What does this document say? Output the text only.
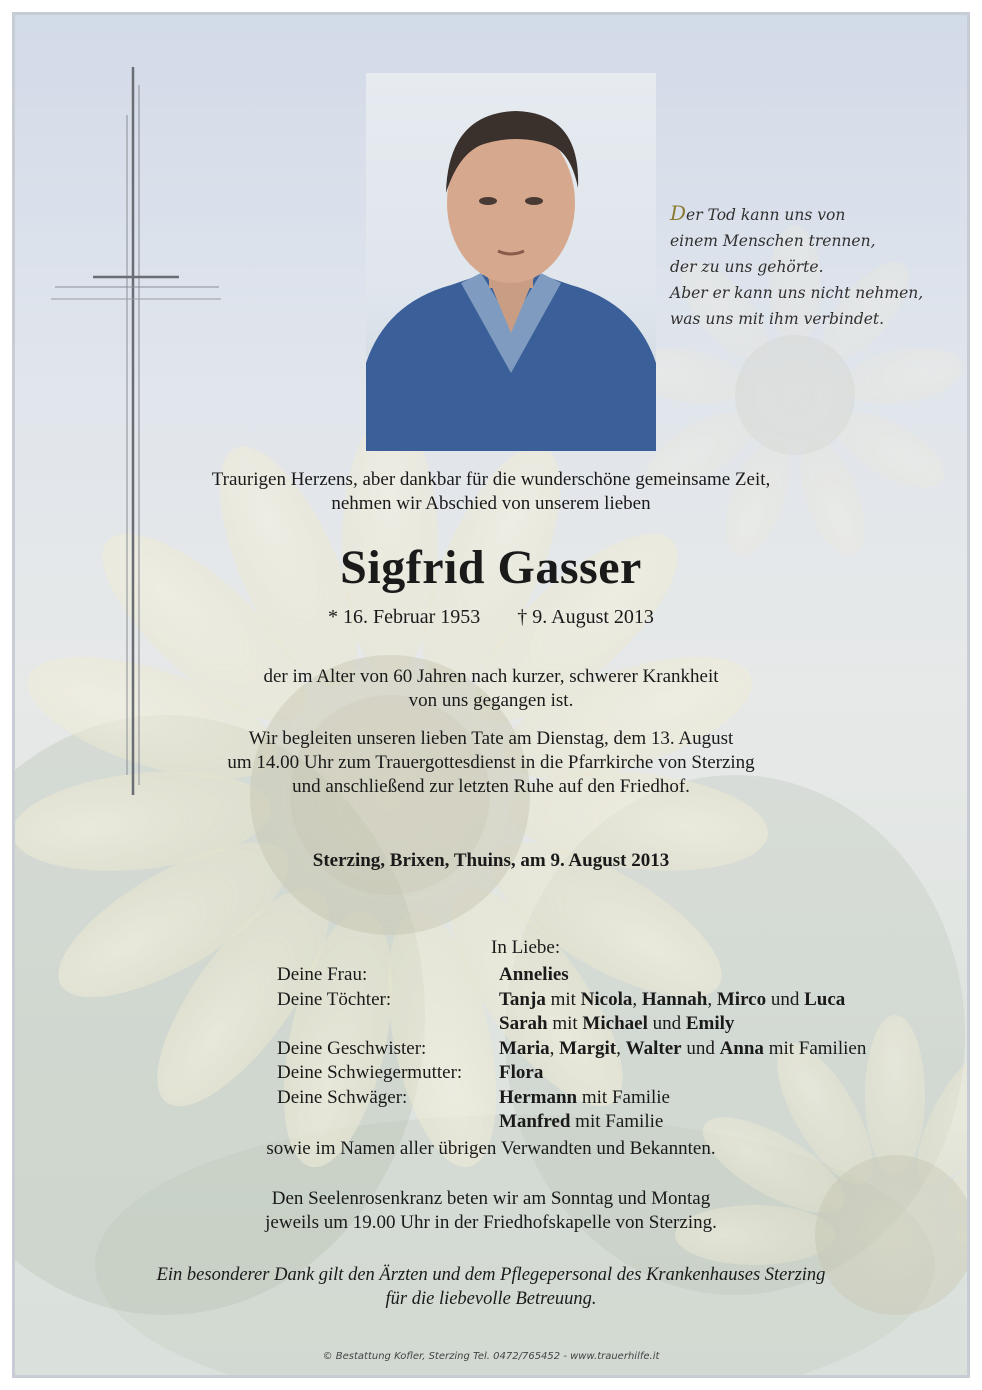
Der Tod kann uns von
einem Menschen trennen,
der zu uns gehörte.
Aber er kann uns nicht nehmen,
was uns mit ihm verbindet.
Traurigen Herzens, aber dankbar für die wunderschöne gemeinsame Zeit,
nehmen wir Abschied von unserem lieben
Sigfrid Gasser
* 16. Februar 1953 † 9. August 2013
der im Alter von 60 Jahren nach kurzer, schwerer Krankheit
von uns gegangen ist.
Wir begleiten unseren lieben Tate am Dienstag, dem 13. August
um 14.00 Uhr zum Trauergottesdienst in die Pfarrkirche von Sterzing
und anschließend zur letzten Ruhe auf den Friedhof.
Sterzing, Brixen, Thuins, am 9. August 2013
In Liebe:
Deine Frau:	Annelies
Deine Töchter:	Tanja mit Nicola, Hannah, Mirco und Luca
Sarah mit Michael und Emily
Deine Geschwister:	Maria, Margit, Walter und Anna mit Familien
Deine Schwiegermutter:	Flora
Deine Schwäger:	Hermann mit Familie
Manfred mit Familie
sowie im Namen aller übrigen Verwandten und Bekannten.
Den Seelenrosenkranz beten wir am Sonntag und Montag
jeweils um 19.00 Uhr in der Friedhofskapelle von Sterzing.
Ein besonderer Dank gilt den Ärzten und dem Pflegepersonal des Krankenhauses Sterzing
für die liebevolle Betreuung.
© Bestattung Kofler, Sterzing Tel. 0472/765452 - www.trauerhilfe.it
